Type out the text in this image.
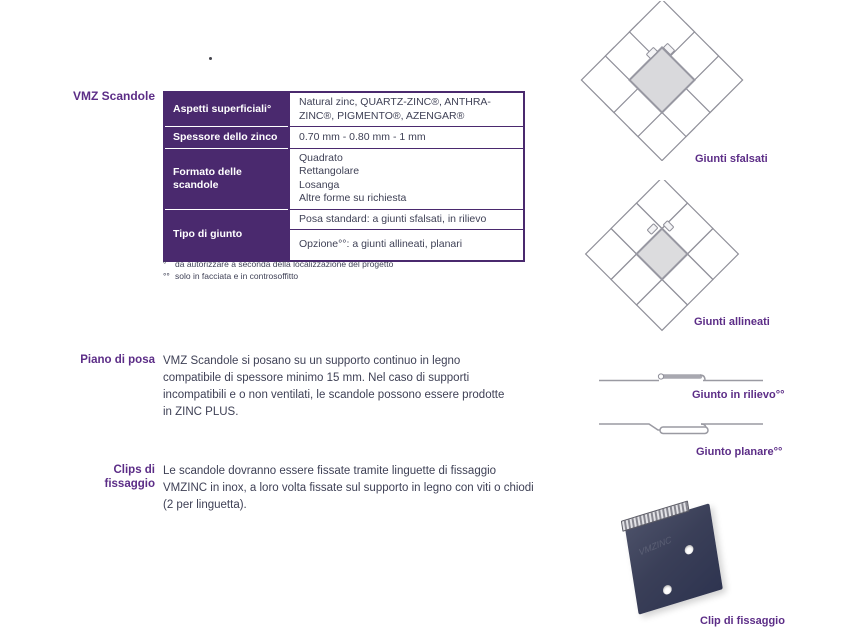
VMZ Scandole
Aspetti superficiali°	Natural zinc, QUARTZ-ZINC®, ANTHRA-ZINC®, PIGMENTO®, AZENGAR®
Spessore dello zinco	0.70 mm - 0.80 mm - 1 mm
Formato delle scandole	Quadrato
Rettangolare
Losanga
Altre forme su richiesta

Tipo di giunto	Posa standard: a giunti sfalsati, in rilievo
	Opzione°°: a giunti allineati, planari
°	da autorizzare a seconda della localizzazione del progetto
°° solo in facciata e in controsoffitto
Piano di posa VMZ Scandole si posano su un supporto continuo in legno compatibile di spessore minimo 15 mm. Nel caso di supporti incompatibili e o non ventilati, le scandole possono essere prodotte in ZINC PLUS.
Clips di fissaggio
Le scandole dovranno essere fissate tramite linguette di fissaggio VMZINC in inox, a loro volta fissate sul supporto in legno con viti o chiodi (2 per linguetta).
Giunti sfalsati
Giunti allineati
Giunto in rilievo°°
Giunto planare°°
VMZINC
Clip di fissaggio
